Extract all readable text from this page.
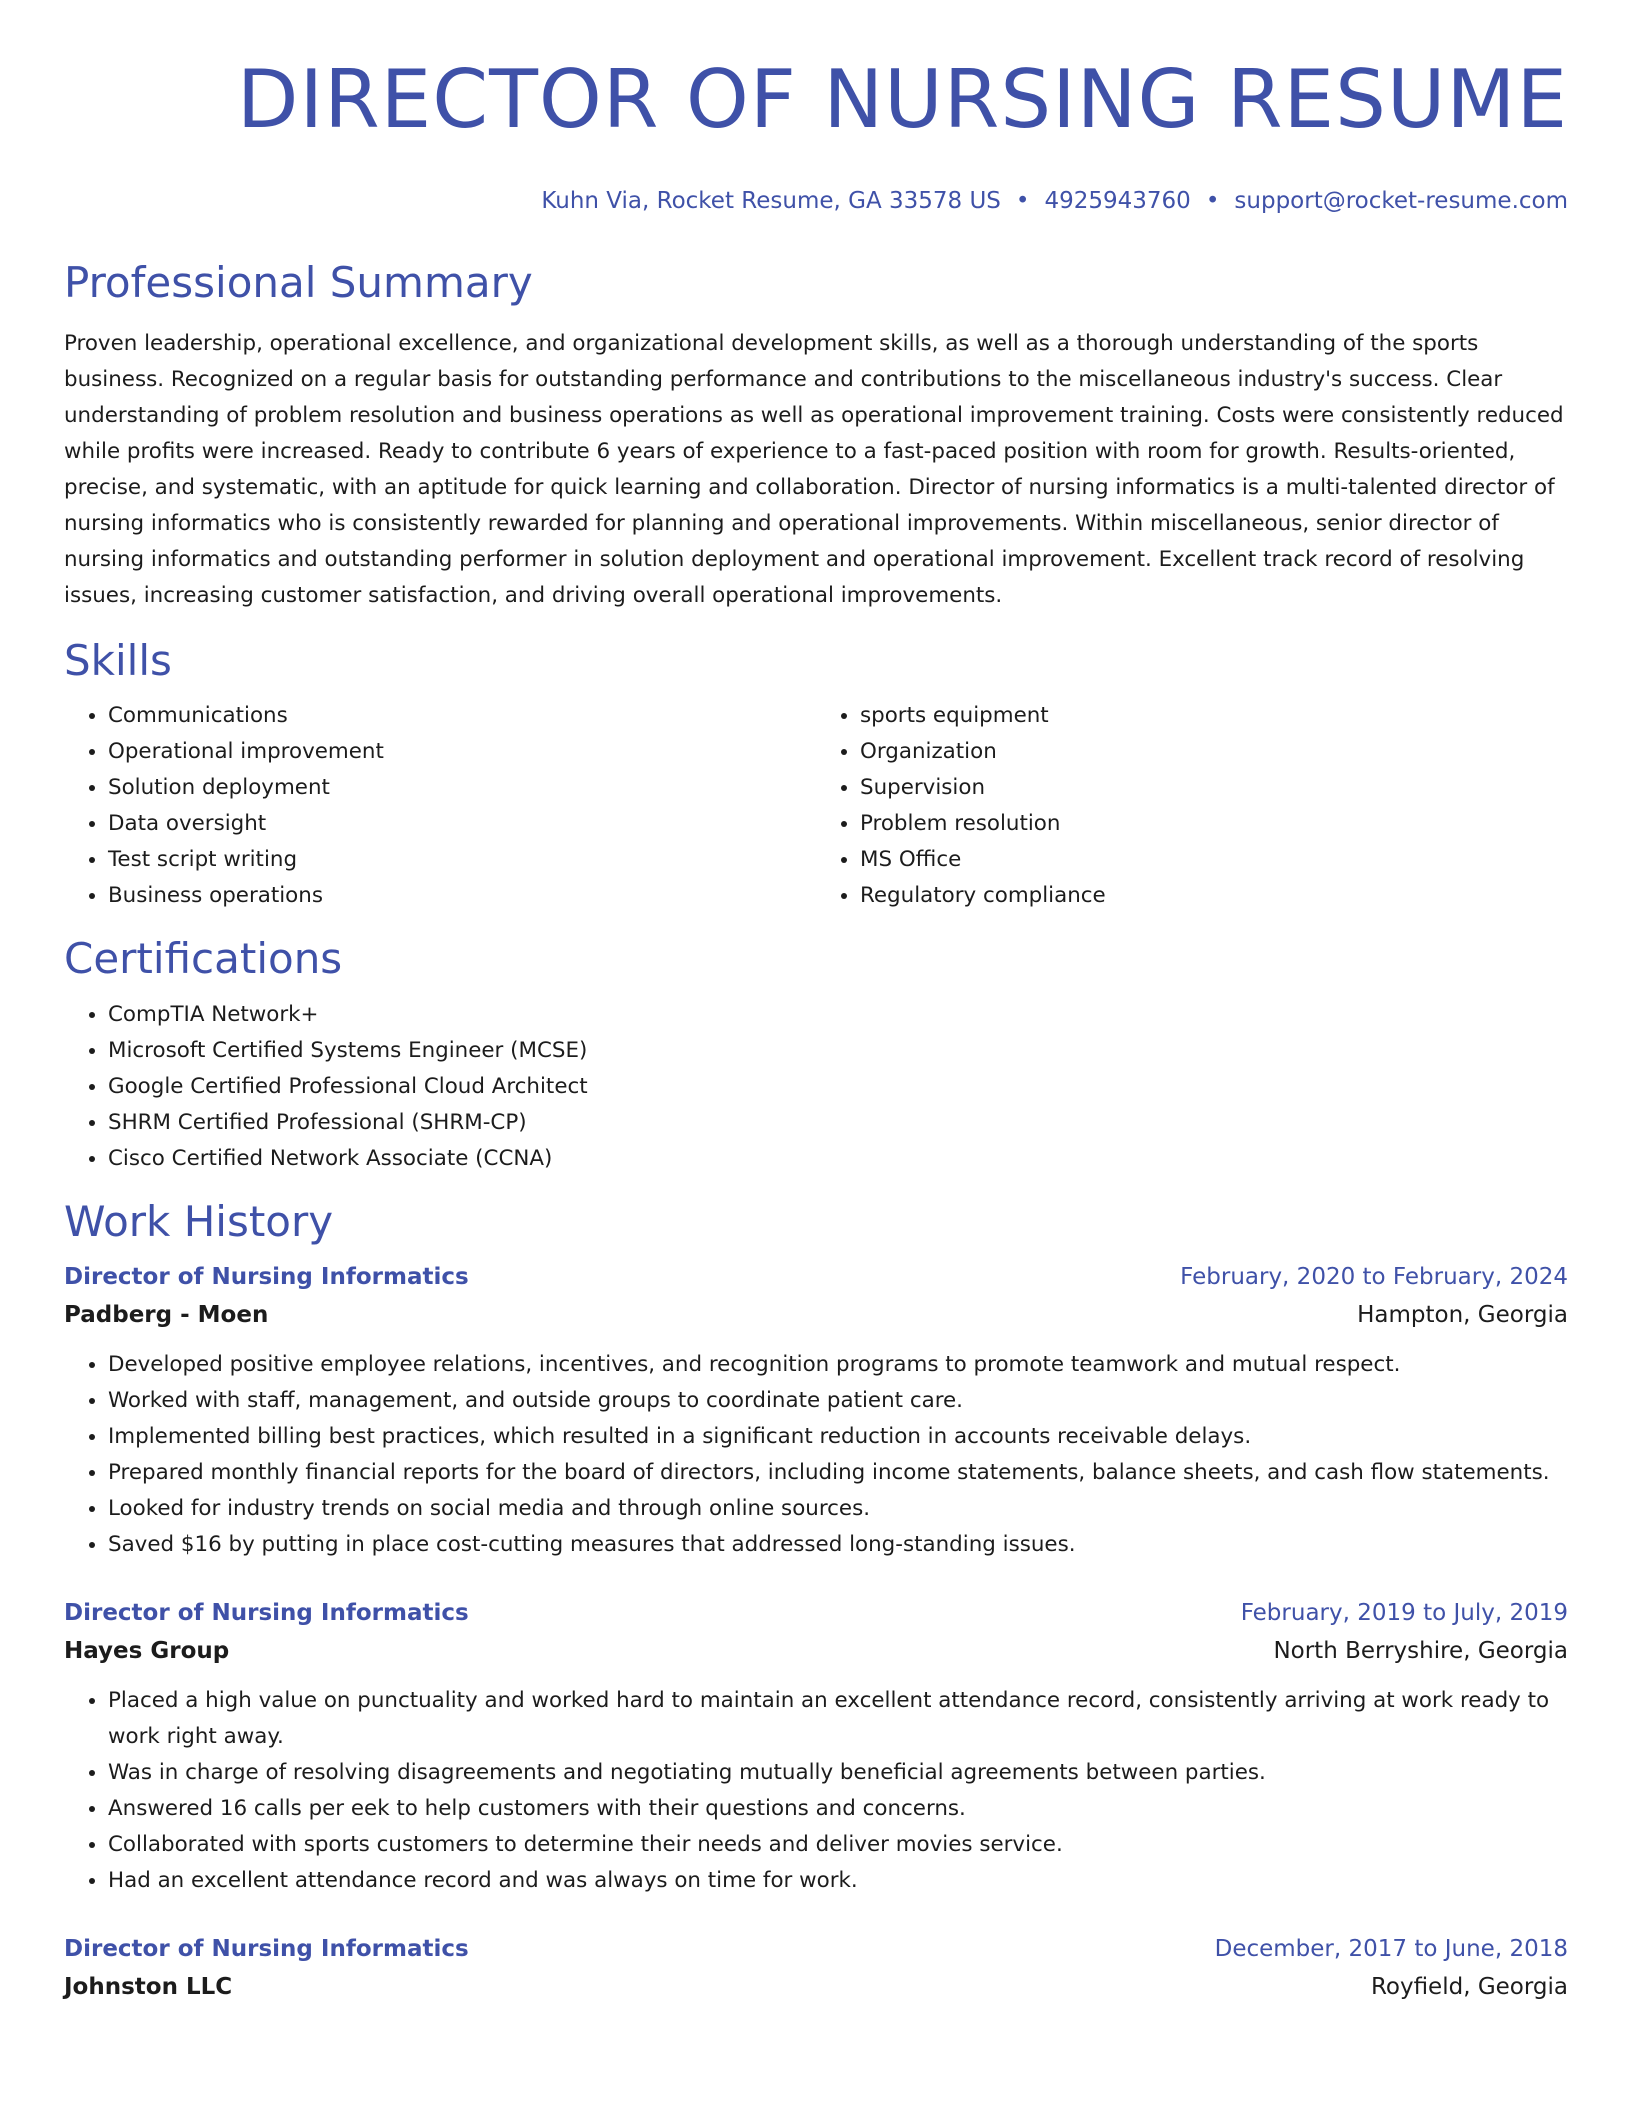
DIRECTOR OF NURSING RESUME
Kuhn Via, Rocket Resume, GA 33578 US • 4925943760 • support@rocket-resume.com
Professional Summary

Proven leadership, operational excellence, and organizational development skills, as well as a thorough understanding of the sports business. Recognized on a regular basis for outstanding performance and contributions to the miscellaneous industry's success. Clear understanding of problem resolution and business operations as well as operational improvement training. Costs were consistently reduced while profits were increased. Ready to contribute 6 years of experience to a fast-paced position with room for growth. Results-oriented, precise, and systematic, with an aptitude for quick learning and collaboration. Director of nursing informatics is a multi-talented director of nursing informatics who is consistently rewarded for planning and operational improvements. Within miscellaneous, senior director of nursing informatics and outstanding performer in solution deployment and operational improvement. Excellent track record of resolving issues, increasing customer satisfaction, and driving overall operational improvements.

Skills
• Communications
• Operational improvement
• Solution deployment
• Data oversight
• Test script writing
• Business operations
• sports equipment
• Organization
• Supervision
• Problem resolution
• MS Office
• Regulatory compliance
Certifications
• CompTIA Network+
• Microsoft Certified Systems Engineer (MCSE)
• Google Certified Professional Cloud Architect
• SHRM Certified Professional (SHRM-CP)
• Cisco Certified Network Associate (CCNA)
Work History
Director of Nursing Informatics	February, 2020 to February, 2024
Padberg - Moen	Hampton, Georgia
• Developed positive employee relations, incentives, and recognition programs to promote teamwork and mutual respect.
• Worked with staff, management, and outside groups to coordinate patient care.
• Implemented billing best practices, which resulted in a significant reduction in accounts receivable delays.
• Prepared monthly financial reports for the board of directors, including income statements, balance sheets, and cash flow statements.
• Looked for industry trends on social media and through online sources.
• Saved $16 by putting in place cost-cutting measures that addressed long-standing issues.
Director of Nursing Informatics	February, 2019 to July, 2019
Hayes Group	North Berryshire, Georgia
• Placed a high value on punctuality and worked hard to maintain an excellent attendance record, consistently arriving at work ready to work right away.
• Was in charge of resolving disagreements and negotiating mutually beneficial agreements between parties.
• Answered 16 calls per eek to help customers with their questions and concerns.
• Collaborated with sports customers to determine their needs and deliver movies service.
• Had an excellent attendance record and was always on time for work.
Director of Nursing Informatics	December, 2017 to June, 2018
Johnston LLC	Royfield, Georgia
